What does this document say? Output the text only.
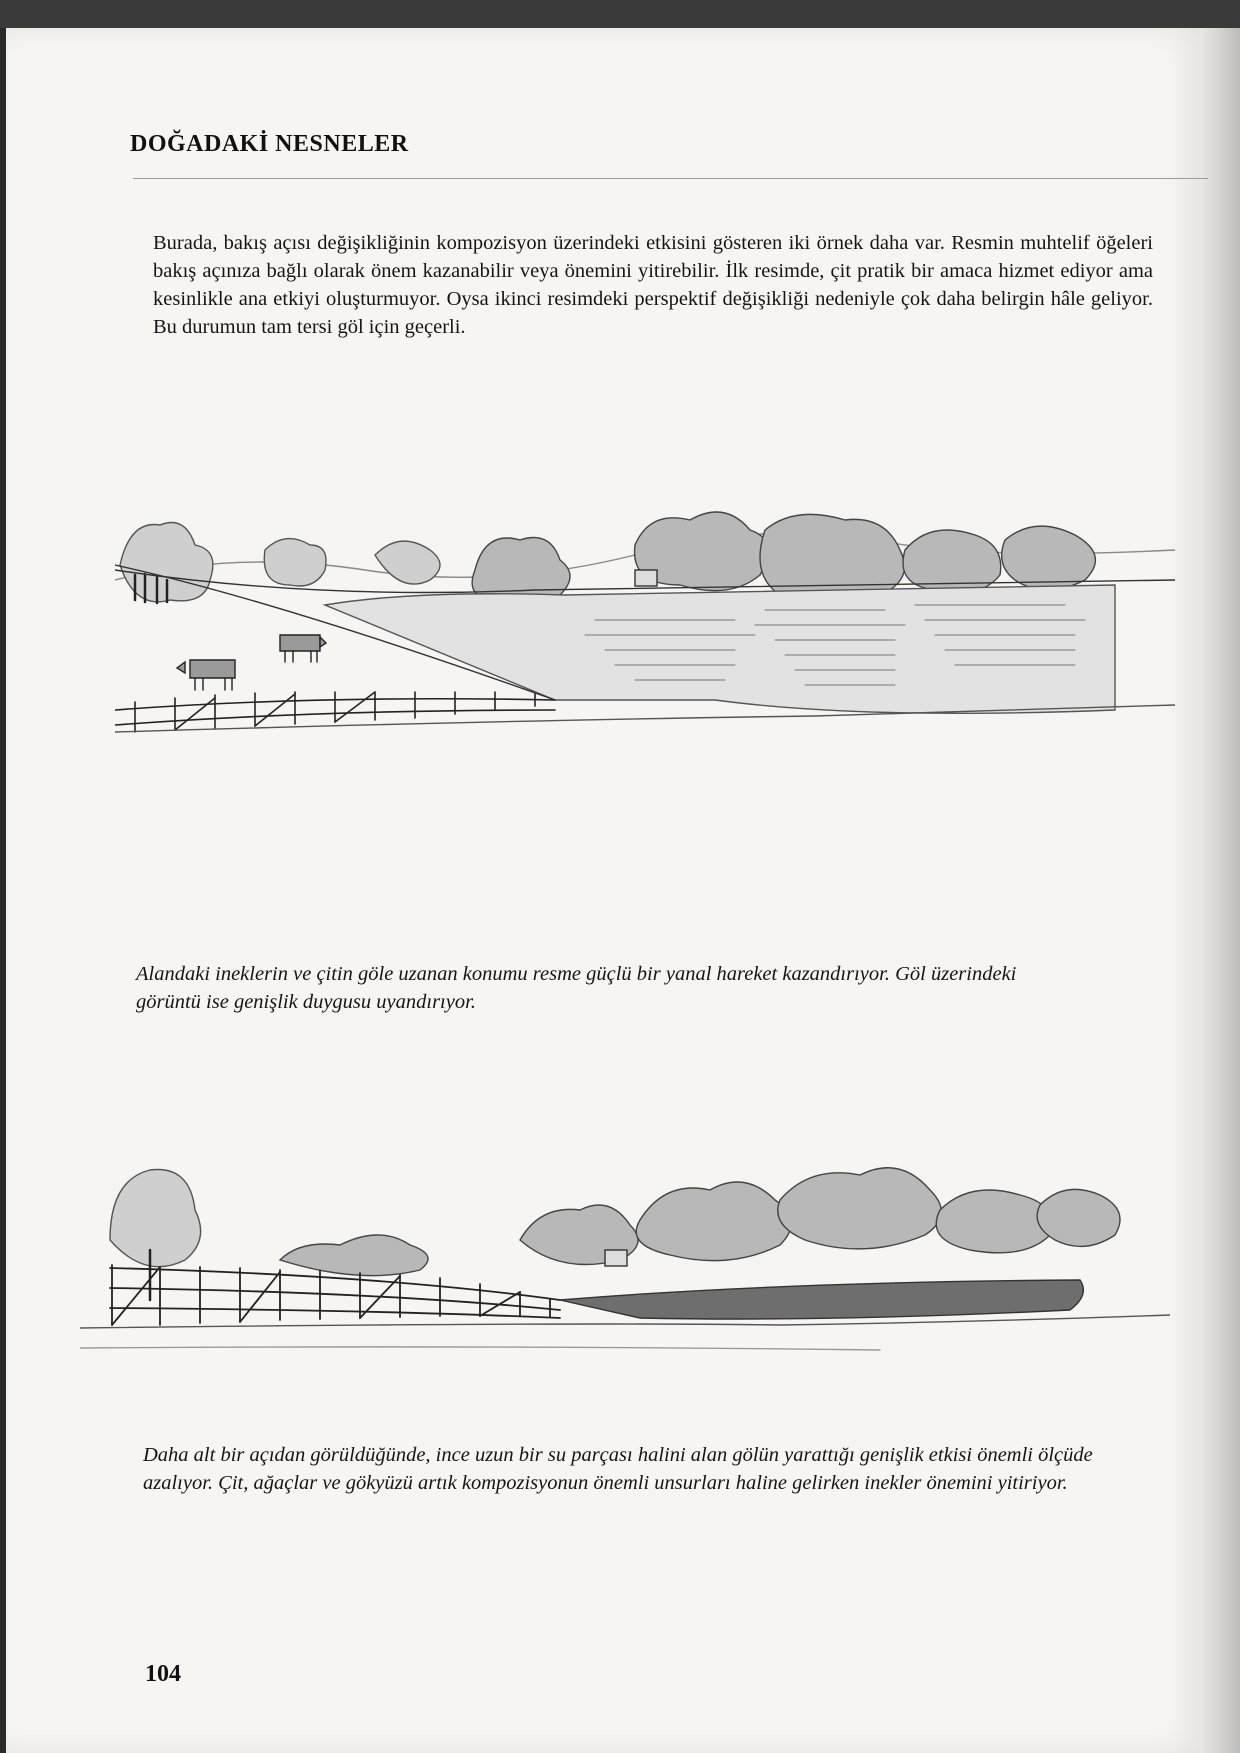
DOĞADAKİ NESNELER
Burada, bakış açısı değişikliğinin kompozisyon üzerindeki etkisini gösteren iki örnek daha var. Resmin muhtelif öğeleri bakış açınıza bağlı olarak önem kazanabilir veya önemini yitirebilir. İlk resimde, çit pratik bir amaca hizmet ediyor ama kesinlikle ana etkiyi oluşturmuyor. Oysa ikinci resimdeki perspektif değişikliği nedeniyle çok daha belirgin hâle geliyor. Bu durumun tam tersi göl için geçerli.
Alandaki ineklerin ve çitin göle uzanan konumu resme güçlü bir yanal hareket kazandırıyor. Göl üzerindeki görüntü ise genişlik duygusu uyandırıyor.
Daha alt bir açıdan görüldüğünde, ince uzun bir su parçası halini alan gölün yarattığı genişlik etkisi önemli ölçüde azalıyor. Çit, ağaçlar ve gökyüzü artık kompozisyonun önemli unsurları haline gelirken inekler önemini yitiriyor.
104
